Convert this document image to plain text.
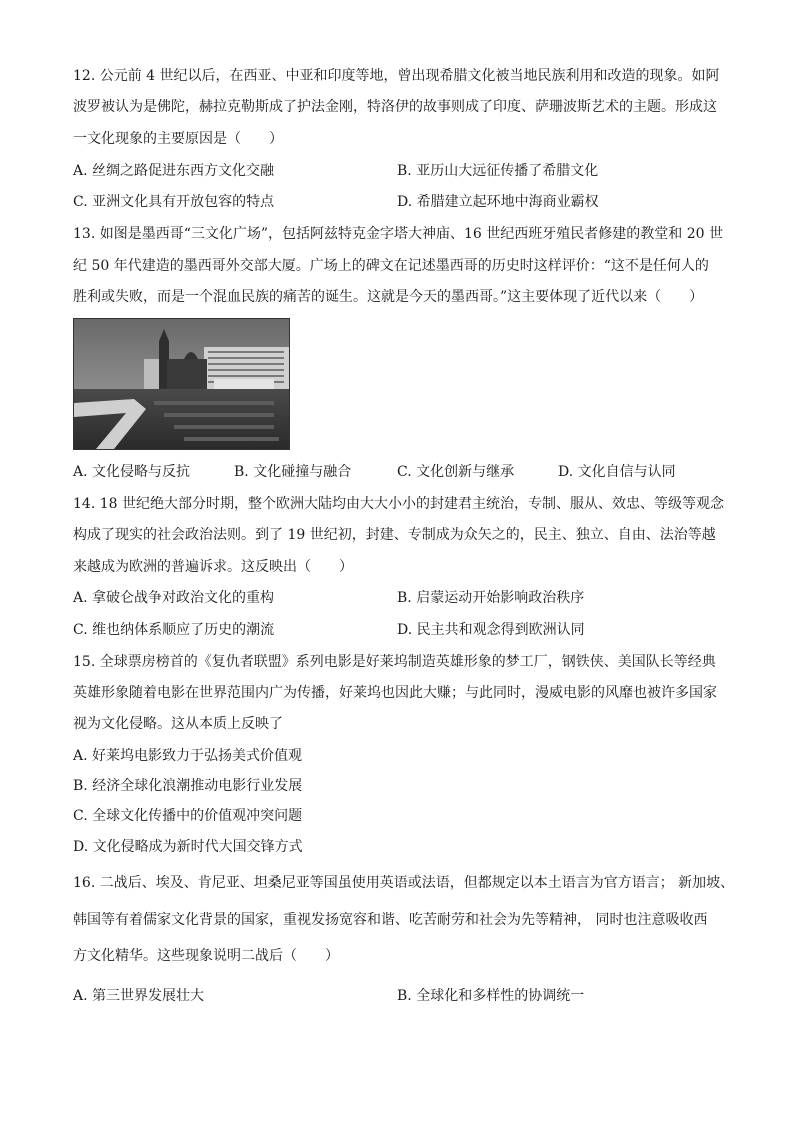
12. 公元前 4 世纪以后，在西亚、中亚和印度等地，曾出现希腊文化被当地民族利用和改造的现象。如阿
波罗被认为是佛陀，赫拉克勒斯成了护法金刚，特洛伊的故事则成了印度、萨珊波斯艺术的主题。形成这
一文化现象的主要原因是（　　）
A. 丝绸之路促进东西方文化交融	B. 亚历山大远征传播了希腊文化
C. 亚洲文化具有开放包容的特点	D. 希腊建立起环地中海商业霸权
13. 如图是墨西哥“三文化广场”，包括阿兹特克金字塔大神庙、16 世纪西班牙殖民者修建的教堂和 20 世
纪 50 年代建造的墨西哥外交部大厦。广场上的碑文在记述墨西哥的历史时这样评价：“这不是任何人的
胜利或失败，而是一个混血民族的痛苦的诞生。这就是今天的墨西哥。”这主要体现了近代以来（　　）
A. 文化侵略与反抗	B. 文化碰撞与融合	C. 文化创新与继承	D. 文化自信与认同
14. 18 世纪绝大部分时期，整个欧洲大陆均由大大小小的封建君主统治，专制、服从、效忠、等级等观念
构成了现实的社会政治法则。到了 19 世纪初，封建、专制成为众矢之的，民主、独立、自由、法治等越
来越成为欧洲的普遍诉求。这反映出（　　）
A. 拿破仑战争对政治文化的重构	B. 启蒙运动开始影响政治秩序
C. 维也纳体系顺应了历史的潮流	D. 民主共和观念得到欧洲认同
15. 全球票房榜首的《复仇者联盟》系列电影是好莱坞制造英雄形象的梦工厂，钢铁侠、美国队长等经典
英雄形象随着电影在世界范围内广为传播，好莱坞也因此大赚；与此同时，漫威电影的风靡也被许多国家
视为文化侵略。这从本质上反映了
A. 好莱坞电影致力于弘扬美式价值观
B. 经济全球化浪潮推动电影行业发展
C. 全球文化传播中的价值观冲突问题
D. 文化侵略成为新时代大国交锋方式
16. 二战后、埃及、肯尼亚、坦桑尼亚等国虽使用英语或法语，但都规定以本土语言为官方语言； 新加坡、
韩国等有着儒家文化背景的国家，重视发扬宽容和谐、吃苦耐劳和社会为先等精神， 同时也注意吸收西
方文化精华。这些现象说明二战后（　　）
A. 第三世界发展壮大	B. 全球化和多样性的协调统一
